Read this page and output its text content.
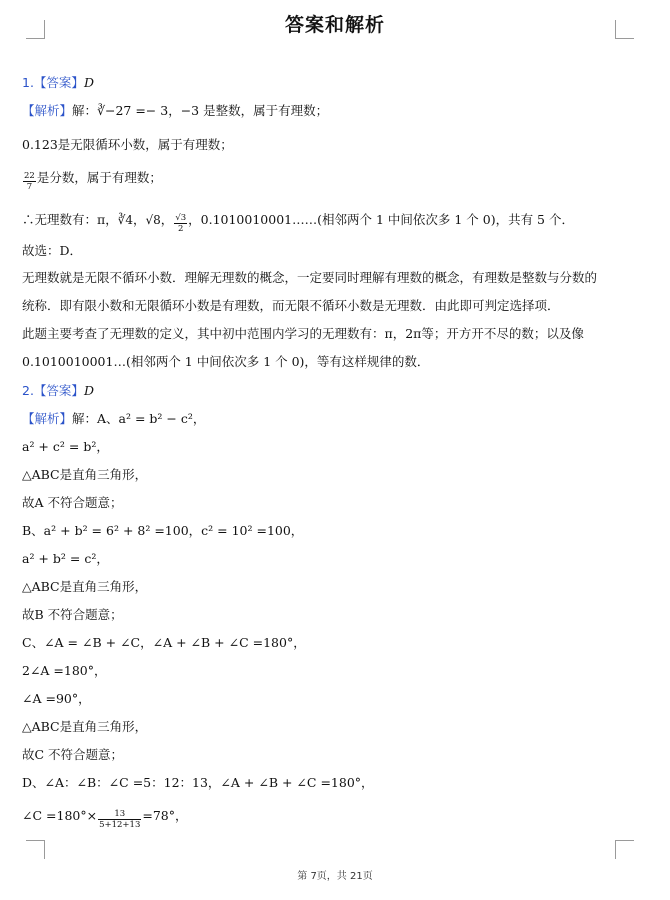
答案和解析
1.【答案】D
【解析】解：∛−27 =− 3，−3 是整数，属于有理数；
0.123是无限循环小数，属于有理数；
$\frac{22}{7}$ 是分数，属于有理数；
∴无理数有：π，∛4，√8， $\frac{√3}{2}$ ，0.1010010001……(相邻两个 1 中间依次多 1 个 0)，共有 5 个．
故选：D．
无理数就是无限不循环小数．理解无理数的概念，一定要同时理解有理数的概念，有理数是整数与分数的
统称．即有限小数和无限循环小数是有理数，而无限不循环小数是无理数．由此即可判定选择项．
此题主要考查了无理数的定义，其中初中范围内学习的无理数有：π，2π等；开方开不尽的数；以及像
0.1010010001…(相邻两个 1 中间依次多 1 个 0)，等有这样规律的数．
2.【答案】D
【解析】解：A、a² = b² − c²，
a² + c² = b²，
△ABC是直角三角形，
故A 不符合题意；
B、a² + b² = 6² + 8² =100，c² = 10² =100，
a² + b² = c²，
△ABC是直角三角形，
故B 不符合题意；
C、∠A = ∠B + ∠C，∠A + ∠B + ∠C =180°，
2∠A =180°，
∠A =90°，
△ABC是直角三角形，
故C 不符合题意；
D、∠A：∠B：∠C =5：12：13，∠A + ∠B + ∠C =180°，
∠C $=180^\circ\times \frac{13}{5+12+13} =78^\circ$，
第 7页，共 21页
